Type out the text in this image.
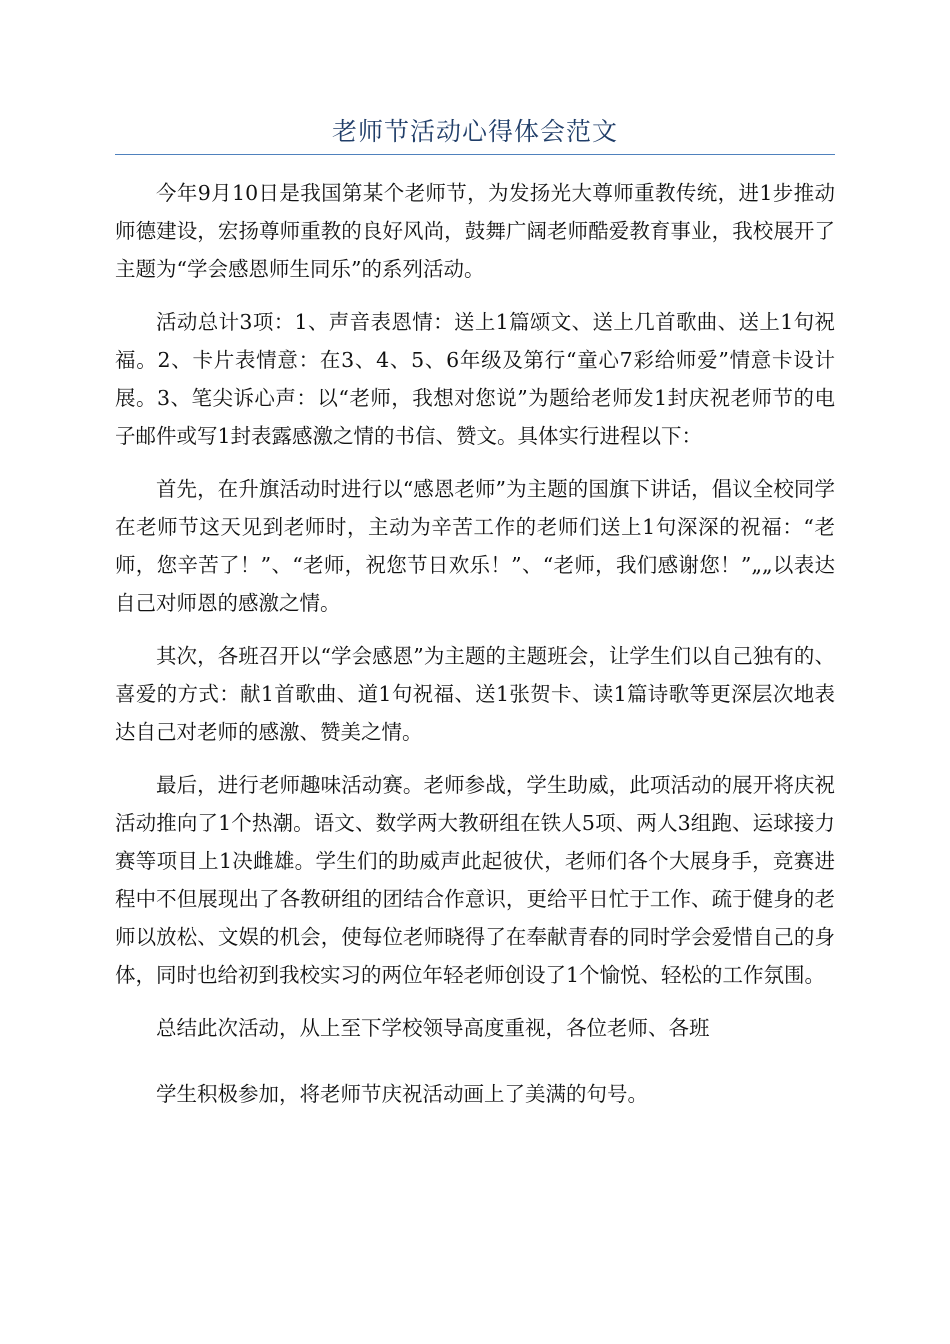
老师节活动心得体会范文

今年9月10日是我国第某个老师节，为发扬光大尊师重教传统，进1步推动师德建设，宏扬尊师重教的良好风尚，鼓舞广阔老师酷爱教育事业，我校展开了主题为“学会感恩师生同乐”的系列活动。

活动总计3项：1、声音表恩情：送上1篇颂文、送上几首歌曲、送上1句祝福。2、卡片表情意：在3、4、5、6年级及第行“童心7彩给师爱”情意卡设计展。3、笔尖诉心声：以“老师，我想对您说”为题给老师发1封庆祝老师节的电子邮件或写1封表露感激之情的书信、赞文。具体实行进程以下：

首先，在升旗活动时进行以“感恩老师”为主题的国旗下讲话，倡议全校同学在老师节这天见到老师时，主动为辛苦工作的老师们送上1句深深的祝福：“老师，您辛苦了！”、“老师，祝您节日欢乐！”、“老师，我们感谢您！”„„以表达自己对师恩的感激之情。

其次，各班召开以“学会感恩”为主题的主题班会，让学生们以自己独有的、喜爱的方式：献1首歌曲、道1句祝福、送1张贺卡、读1篇诗歌等更深层次地表达自己对老师的感激、赞美之情。

最后，进行老师趣味活动赛。老师参战，学生助威，此项活动的展开将庆祝活动推向了1个热潮。语文、数学两大教研组在铁人5项、两人3组跑、运球接力赛等项目上1决雌雄。学生们的助威声此起彼伏，老师们各个大展身手，竞赛进程中不但展现出了各教研组的团结合作意识，更给平日忙于工作、疏于健身的老师以放松、文娱的机会，使每位老师晓得了在奉献青春的同时学会爱惜自己的身体，同时也给初到我校实习的两位年轻老师创设了1个愉悦、轻松的工作氛围。

总结此次活动，从上至下学校领导高度重视，各位老师、各班

学生积极参加，将老师节庆祝活动画上了美满的句号。
